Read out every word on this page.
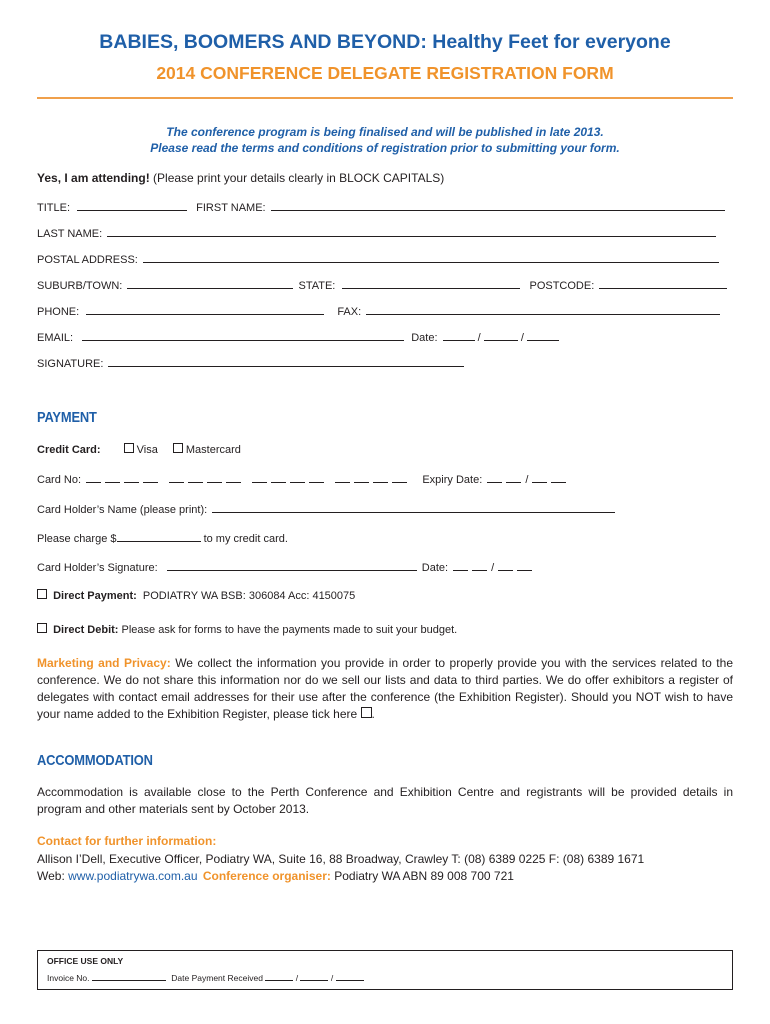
BABIES, BOOMERS AND BEYOND: Healthy Feet for everyone
2014 CONFERENCE DELEGATE REGISTRATION FORM
The conference program is being finalised and will be published in late 2013.
Please read the terms and conditions of registration prior to submitting your form.
Yes, I am attending! (Please print your details clearly in BLOCK CAPITALS)
TITLE:	FIRST NAME:
LAST NAME:
POSTAL ADDRESS:
SUBURB/TOWN:	STATE:	POSTCODE:
PHONE:	FAX:
EMAIL:	Date:	/	/
SIGNATURE:
PAYMENT
Credit Card:	Visa	Mastercard
Card No:	Expiry Date:	/
Card Holder’s Name (please print):
Please charge $	to my credit card.
Card Holder’s Signature:	Date:	/
Direct Payment: PODIATRY WA BSB: 306084 Acc: 4150075
Direct Debit: Please ask for forms to have the payments made to suit your budget.
Marketing and Privacy: We collect the information you provide in order to properly provide you with the services related to the conference. We do not share this information nor do we sell our lists and data to third parties. We do offer exhibitors a register of delegates with contact email addresses for their use after the conference (the Exhibition Register). Should you NOT wish to have your name added to the Exhibition Register, please tick here .
ACCOMMODATION
Accommodation is available close to the Perth Conference and Exhibition Centre and registrants will be provided details in program and other materials sent by October 2013.
Contact for further information:
Allison I’Dell, Executive Officer, Podiatry WA, Suite 16, 88 Broadway, Crawley T: (08) 6389 0225 F: (08) 6389 1671
Web: www.podiatrywa.com.au Conference organiser: Podiatry WA ABN 89 008 700 721
OFFICE USE ONLY
Invoice No.	Date Payment Received	/	/
